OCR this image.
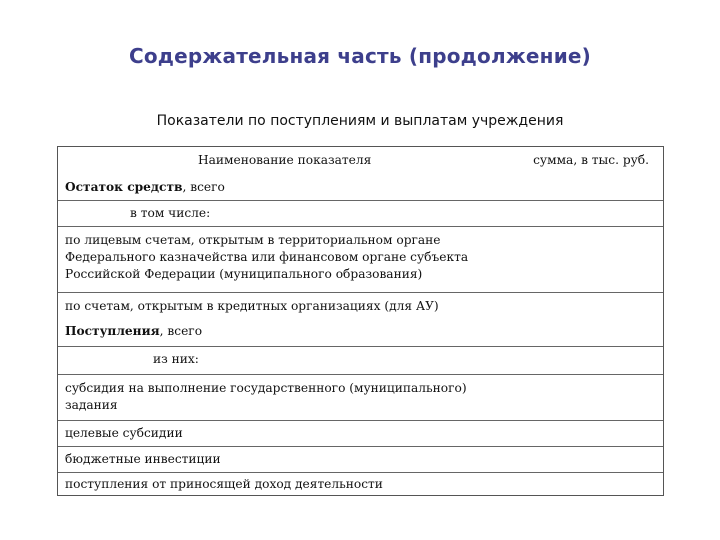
Содержательная часть (продолжение)
Показатели по поступлениям и выплатам учреждения
Наименование показателя	сумма, в тыс. руб.
Остаток средств, всего
в том числе:
по лицевым счетам, открытым в территориальном органе Федерального казначейства или финансовом органе субъекта Российской Федерации (муниципального образования)
по счетам, открытым в кредитных организациях (для АУ)
Поступления, всего
из них:
субсидия на выполнение государственного (муниципального) задания
целевые субсидии
бюджетные инвестиции
поступления от приносящей доход деятельности
